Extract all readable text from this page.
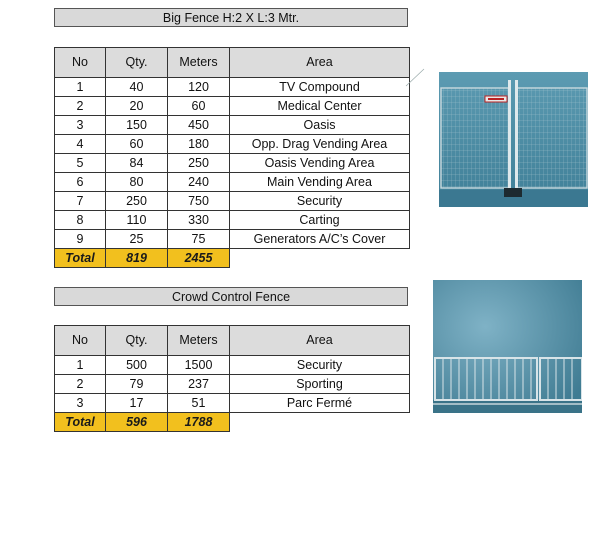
Big Fence H:2 X L:3 Mtr.
No	Qty.	Meters	Area
1	40	120	TV Compound
2	20	60	Medical Center
3	150	450	Oasis
4	60	180	Opp. Drag Vending Area
5	84	250	Oasis Vending Area
6	80	240	Main Vending Area
7	250	750	Security
8	110	330	Carting
9	25	75	Generators A/C’s Cover
Total	819	2455	
Crowd Control Fence
No	Qty.	Meters	Area
1	500	1500	Security
2	79	237	Sporting
3	17	51	Parc Fermé
Total	596	1788	
